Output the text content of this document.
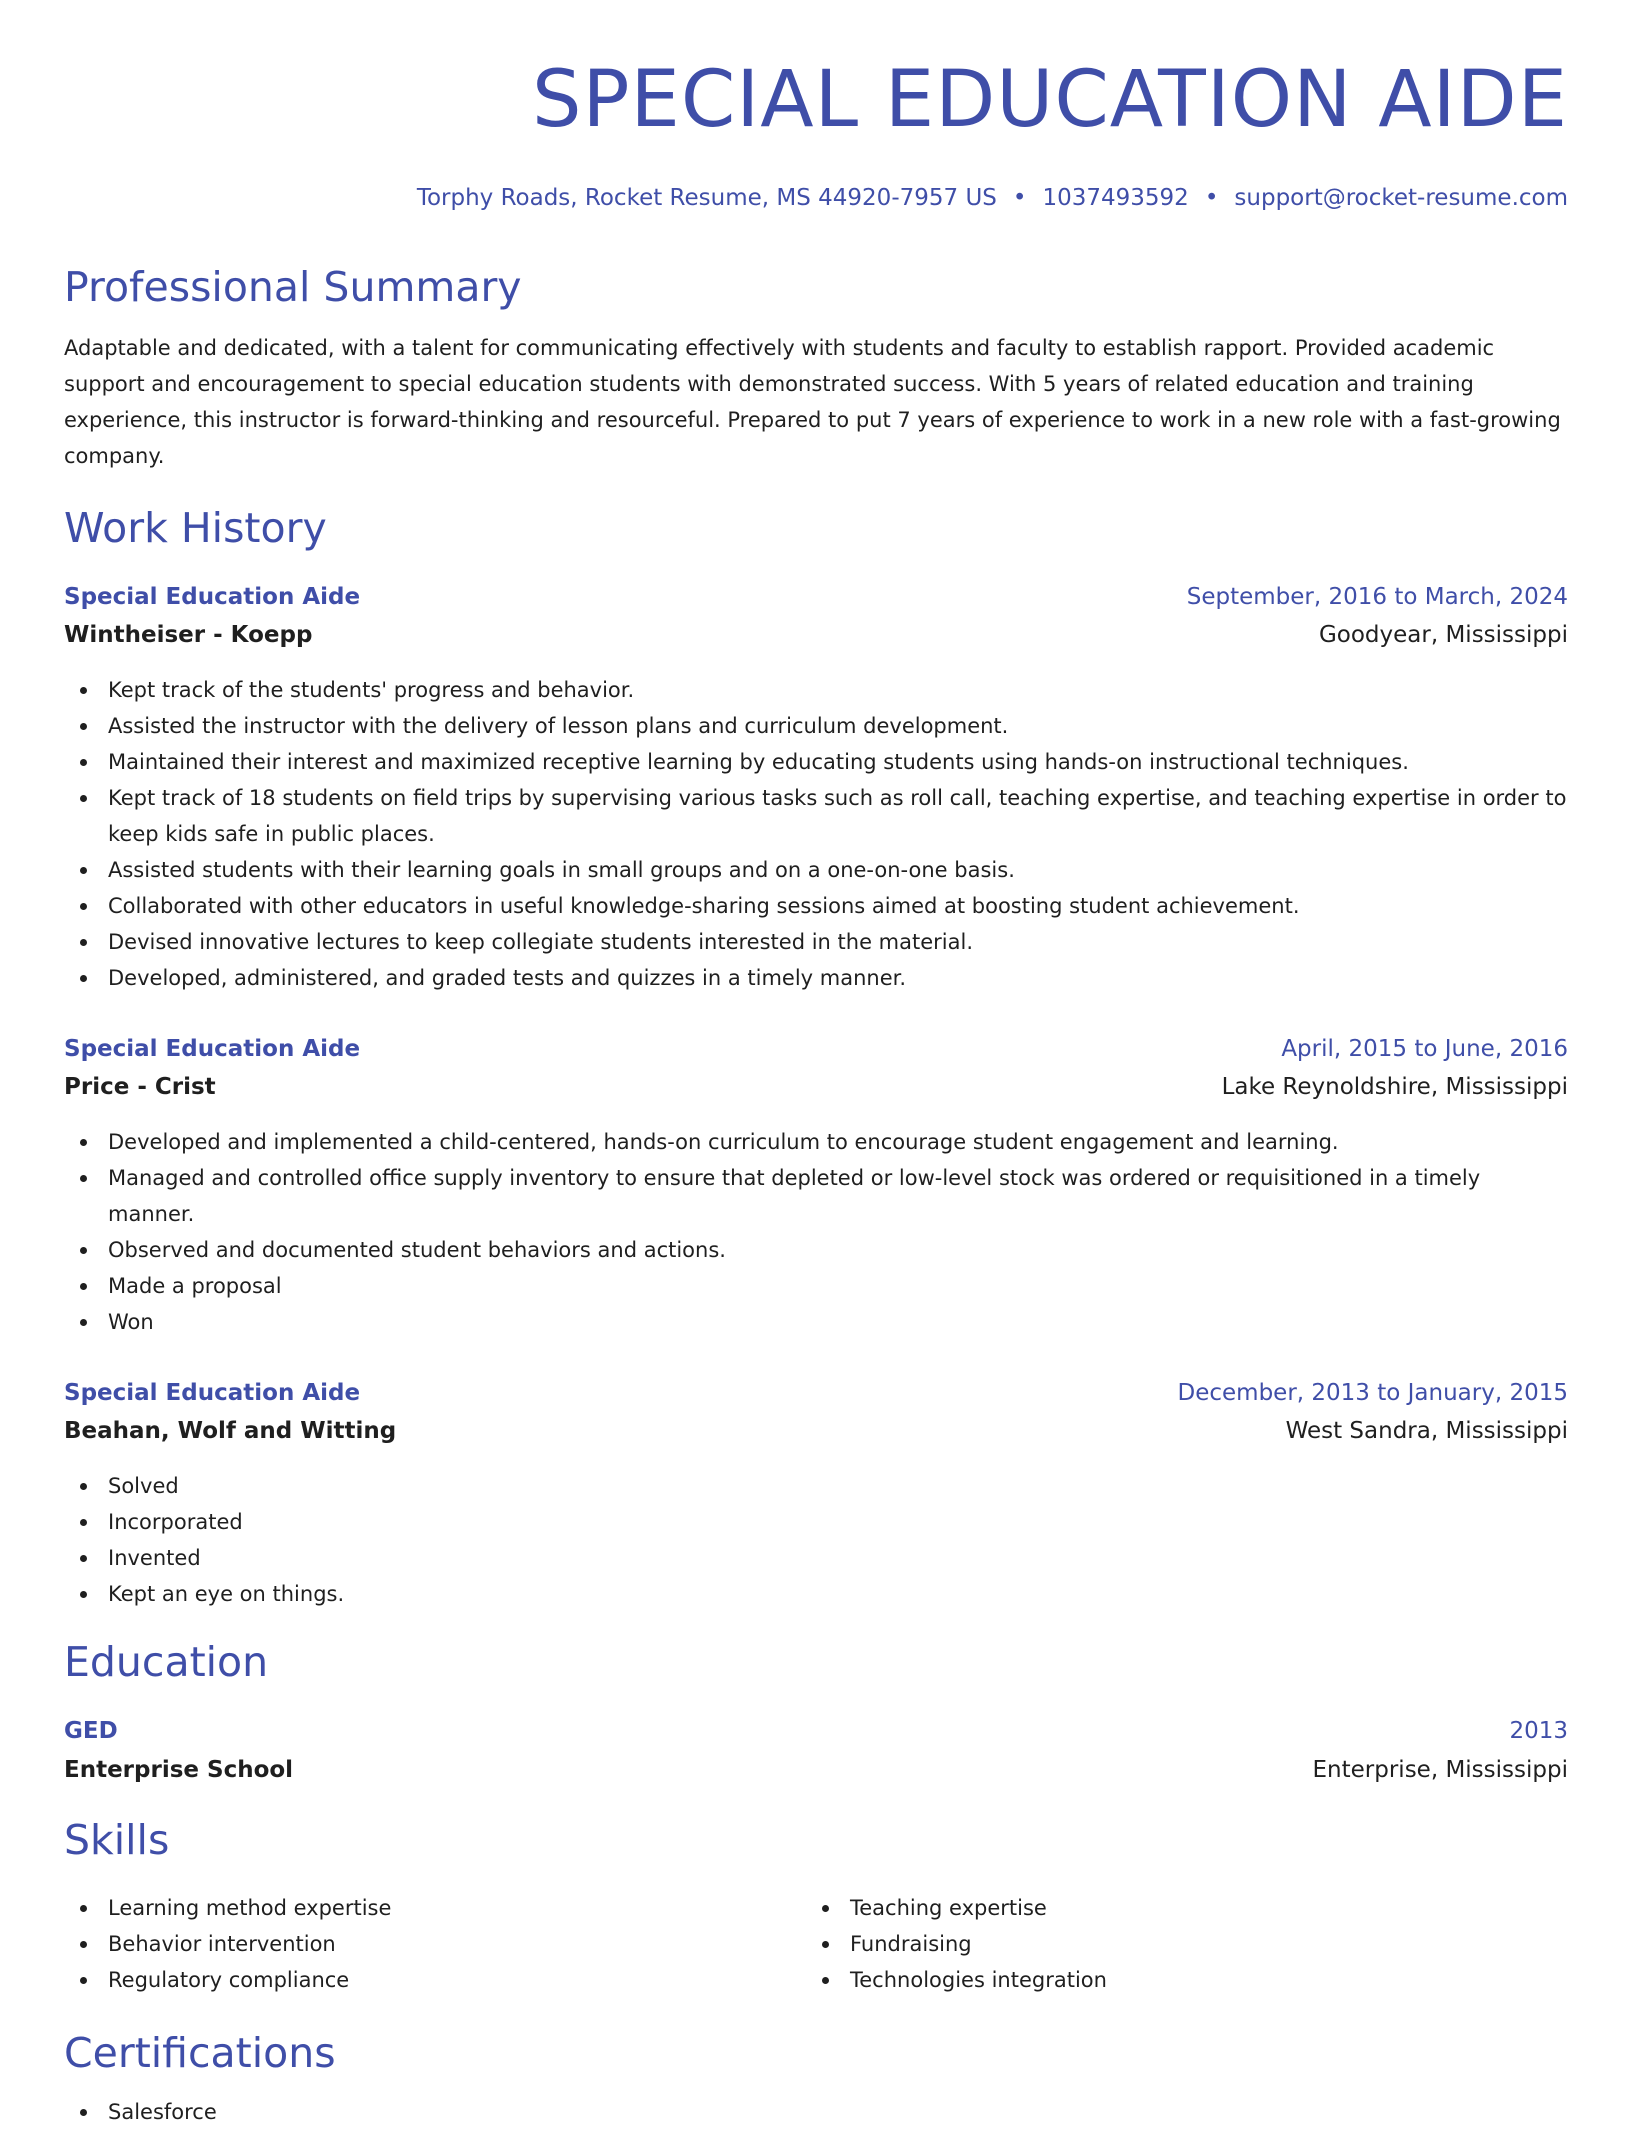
SPECIAL EDUCATION AIDE
Torphy Roads, Rocket Resume, MS 44920-7957 US • 1037493592 • support@rocket-resume.com
Professional Summary

Adaptable and dedicated, with a talent for communicating effectively with students and faculty to establish rapport. Provided academic support and encouragement to special education students with demonstrated success. With 5 years of related education and training experience, this instructor is forward-thinking and resourceful. Prepared to put 7 years of experience to work in a new role with a fast-growing company.

Work History
Special Education Aide	September, 2016 to March, 2024
Wintheiser - Koepp	Goodyear, Mississippi
Kept track of the students' progress and behavior.
Assisted the instructor with the delivery of lesson plans and curriculum development.
Maintained their interest and maximized receptive learning by educating students using hands-on instructional techniques.
Kept track of 18 students on field trips by supervising various tasks such as roll call, teaching expertise, and teaching expertise in order to keep kids safe in public places.
Assisted students with their learning goals in small groups and on a one-on-one basis.
Collaborated with other educators in useful knowledge-sharing sessions aimed at boosting student achievement.
Devised innovative lectures to keep collegiate students interested in the material.
Developed, administered, and graded tests and quizzes in a timely manner.
Special Education Aide	April, 2015 to June, 2016
Price - Crist	Lake Reynoldshire, Mississippi
Developed and implemented a child-centered, hands-on curriculum to encourage student engagement and learning.
Managed and controlled office supply inventory to ensure that depleted or low-level stock was ordered or requisitioned in a timely manner.
Observed and documented student behaviors and actions.
Made a proposal
Won
Special Education Aide	December, 2013 to January, 2015
Beahan, Wolf and Witting	West Sandra, Mississippi
Solved
Incorporated
Invented
Kept an eye on things.
Education
GED	2013
Enterprise School	Enterprise, Mississippi
Skills
Learning method expertise
Behavior intervention
Regulatory compliance
Teaching expertise
Fundraising
Technologies integration
Certifications
Salesforce
